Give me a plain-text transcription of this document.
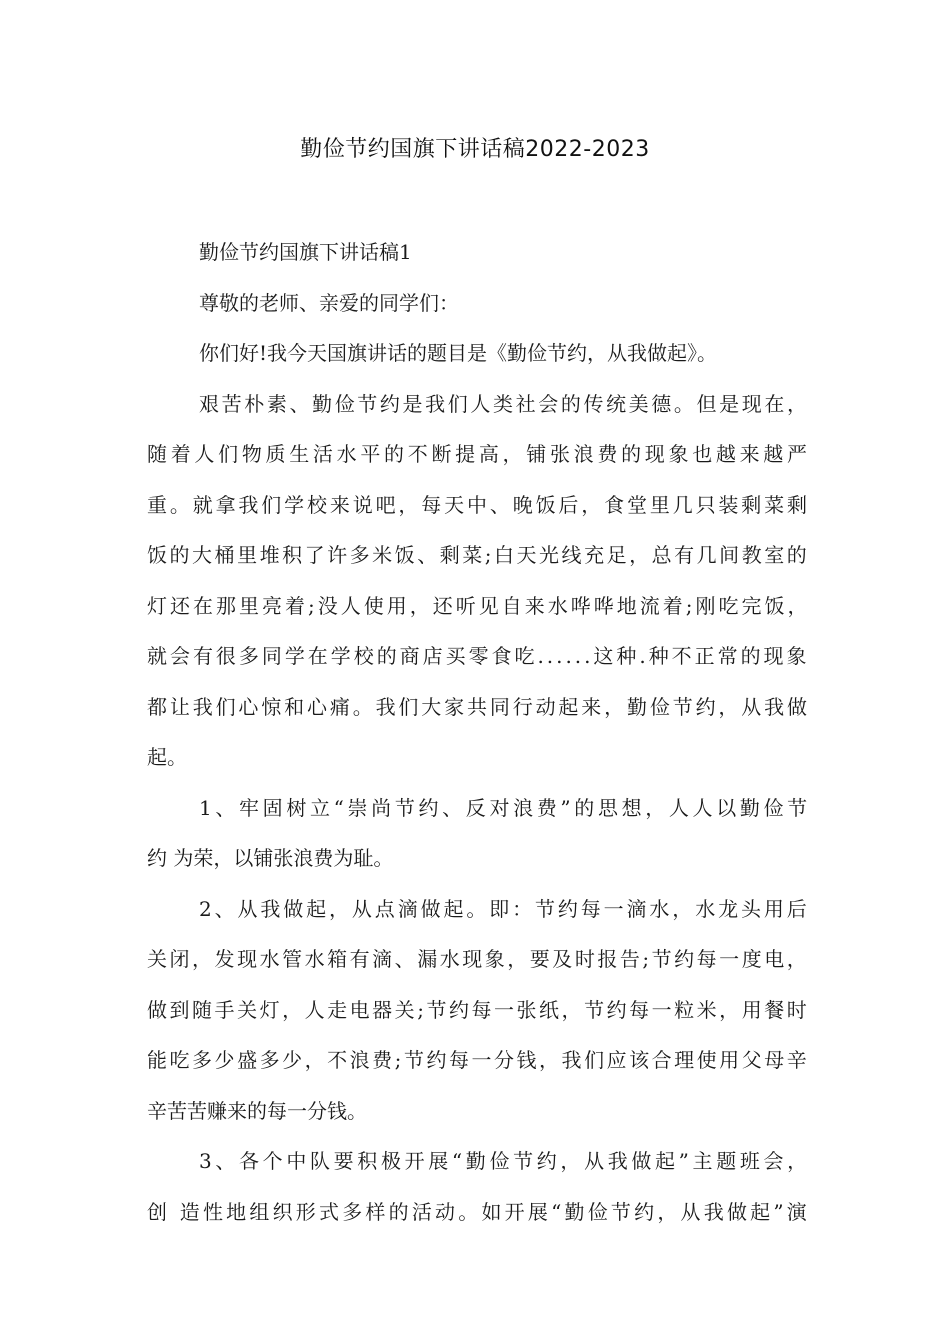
勤俭节约国旗下讲话稿2022-2023
勤俭节约国旗下讲话稿1
尊敬的老师、亲爱的同学们：
你们好!我今天国旗讲话的题目是《勤俭节约，从我做起》。
艰苦朴素、勤俭节约是我们人类社会的传统美德。但是现在，
随着人们物质生活水平的不断提高，铺张浪费的现象也越来越严
重。就拿我们学校来说吧，每天中、晚饭后，食堂里几只装剩菜剩
饭的大桶里堆积了许多米饭、剩菜;白天光线充足，总有几间教室的
灯还在那里亮着;没人使用，还听见自来水哗哗地流着;刚吃完饭，
就会有很多同学在学校的商店买零食吃......这种.种不正常的现象
都让我们心惊和心痛。我们大家共同行动起来，勤俭节约，从我做
起。
1、牢固树立“崇尚节约、反对浪费”的思想，人人以勤俭节
约 为荣，以铺张浪费为耻。
2、从我做起，从点滴做起。即：节约每一滴水，水龙头用后
关闭，发现水管水箱有滴、漏水现象，要及时报告;节约每一度电，
做到随手关灯，人走电器关;节约每一张纸，节约每一粒米，用餐时
能吃多少盛多少，不浪费;节约每一分钱，我们应该合理使用父母辛
辛苦苦赚来的每一分钱。
3、各个中队要积极开展“勤俭节约，从我做起”主题班会，
创 造性地组织形式多样的活动。如开展“勤俭节约，从我做起”演
